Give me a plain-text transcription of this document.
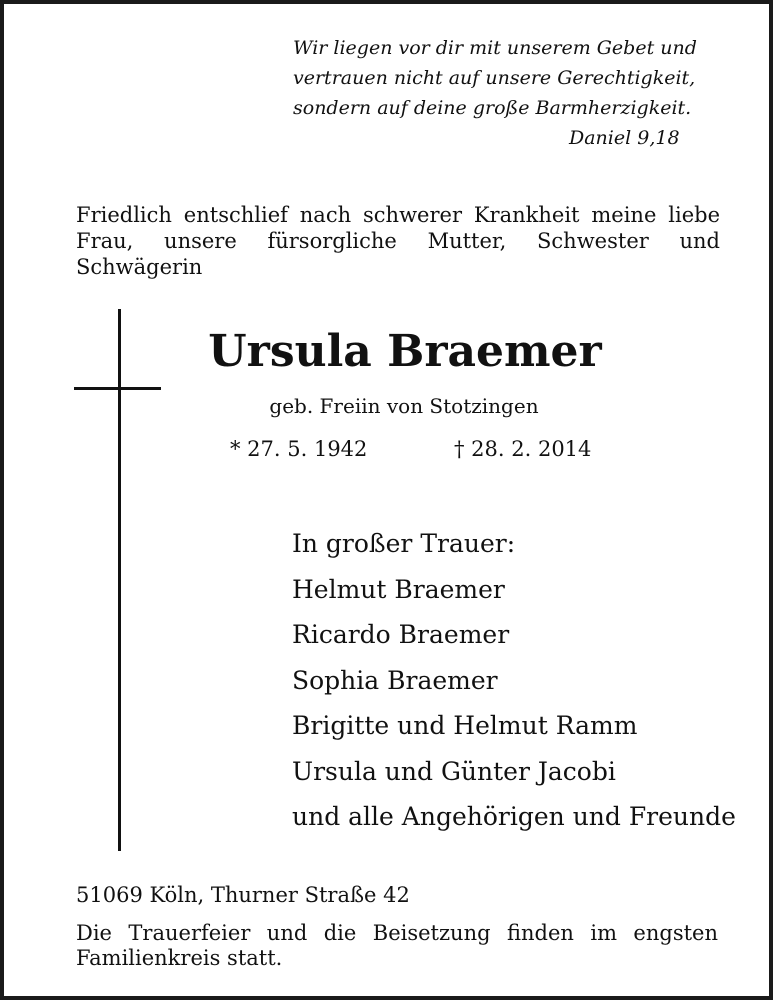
Wir liegen vor dir mit unserem Gebet und
vertrauen nicht auf unsere Gerechtigkeit,
sondern auf deine große Barmherzigkeit.
Daniel 9,18
Friedlich entschlief nach schwerer Krankheit meine liebe
Frau, unsere fürsorgliche Mutter, Schwester und
Schwägerin
Ursula Braemer
geb. Freiin von Stotzingen
* 27. 5. 1942	† 28. 2. 2014
In großer Trauer:
Helmut Braemer
Ricardo Braemer
Sophia Braemer
Brigitte und Helmut Ramm
Ursula und Günter Jacobi
und alle Angehörigen und Freunde
51069 Köln, Thurner Straße 42
Die Trauerfeier und die Beisetzung finden im engsten
Familienkreis statt.
